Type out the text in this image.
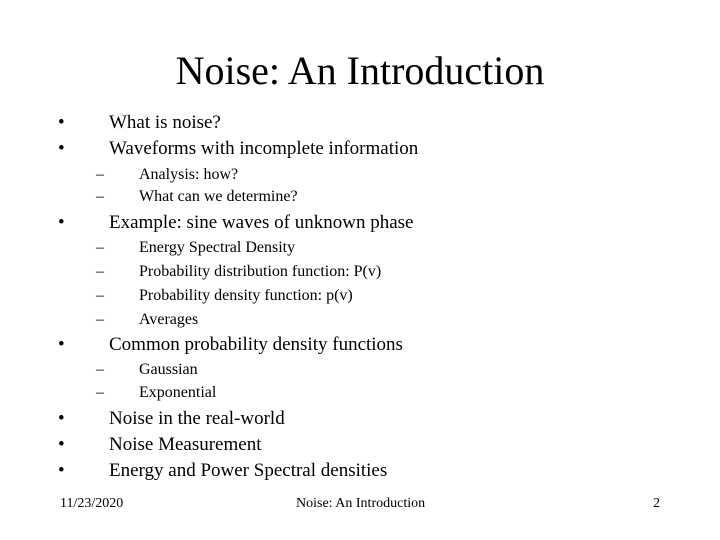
Noise: An Introduction
• What is noise?
• Waveforms with incomplete information
– Analysis: how?
– What can we determine?
• Example: sine waves of unknown phase
– Energy Spectral Density
– Probability distribution function: P(v)
– Probability density function: p(v)
– Averages
• Common probability density functions
– Gaussian
– Exponential
• Noise in the real-world
• Noise Measurement
• Energy and Power Spectral densities
11/23/2020	Noise: An Introduction	2
